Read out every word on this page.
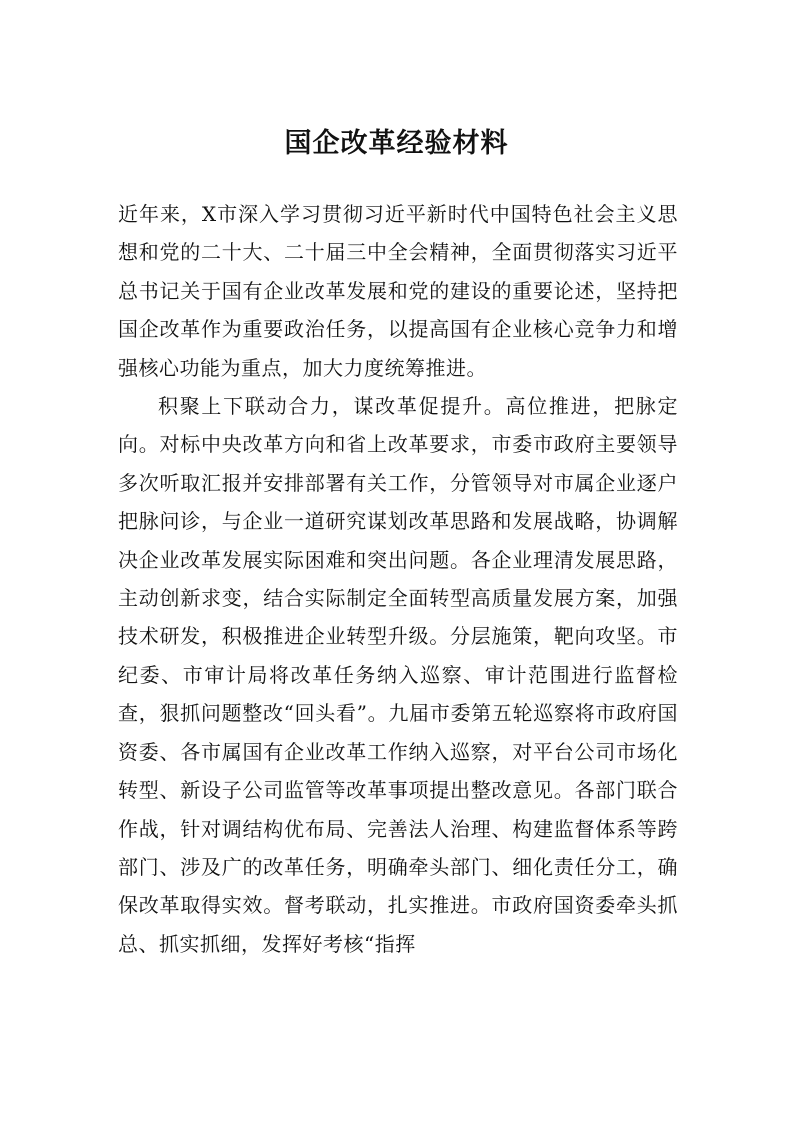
国企改革经验材料

近年来，X市深入学习贯彻习近平新时代中国特色社会主义思想和党的二十大、二十届三中全会精神，全面贯彻落实习近平总书记关于国有企业改革发展和党的建设的重要论述，坚持把国企改革作为重要政治任务，以提高国有企业核心竞争力和增强核心功能为重点，加大力度统筹推进。

积聚上下联动合力，谋改革促提升。高位推进，把脉定向。对标中央改革方向和省上改革要求，市委市政府主要领导多次听取汇报并安排部署有关工作，分管领导对市属企业逐户把脉问诊，与企业一道研究谋划改革思路和发展战略，协调解决企业改革发展实际困难和突出问题。各企业理清发展思路，主动创新求变，结合实际制定全面转型高质量发展方案，加强技术研发，积极推进企业转型升级。分层施策，靶向攻坚。市纪委、市审计局将改革任务纳入巡察、审计范围进行监督检查，狠抓问题整改“回头看”。九届市委第五轮巡察将市政府国资委、各市属国有企业改革工作纳入巡察，对平台公司市场化转型、新设子公司监管等改革事项提出整改意见。各部门联合作战，针对调结构优布局、完善法人治理、构建监督体系等跨部门、涉及广的改革任务，明确牵头部门、细化责任分工，确保改革取得实效。督考联动，扎实推进。市政府国资委牵头抓总、抓实抓细，发挥好考核“指挥
